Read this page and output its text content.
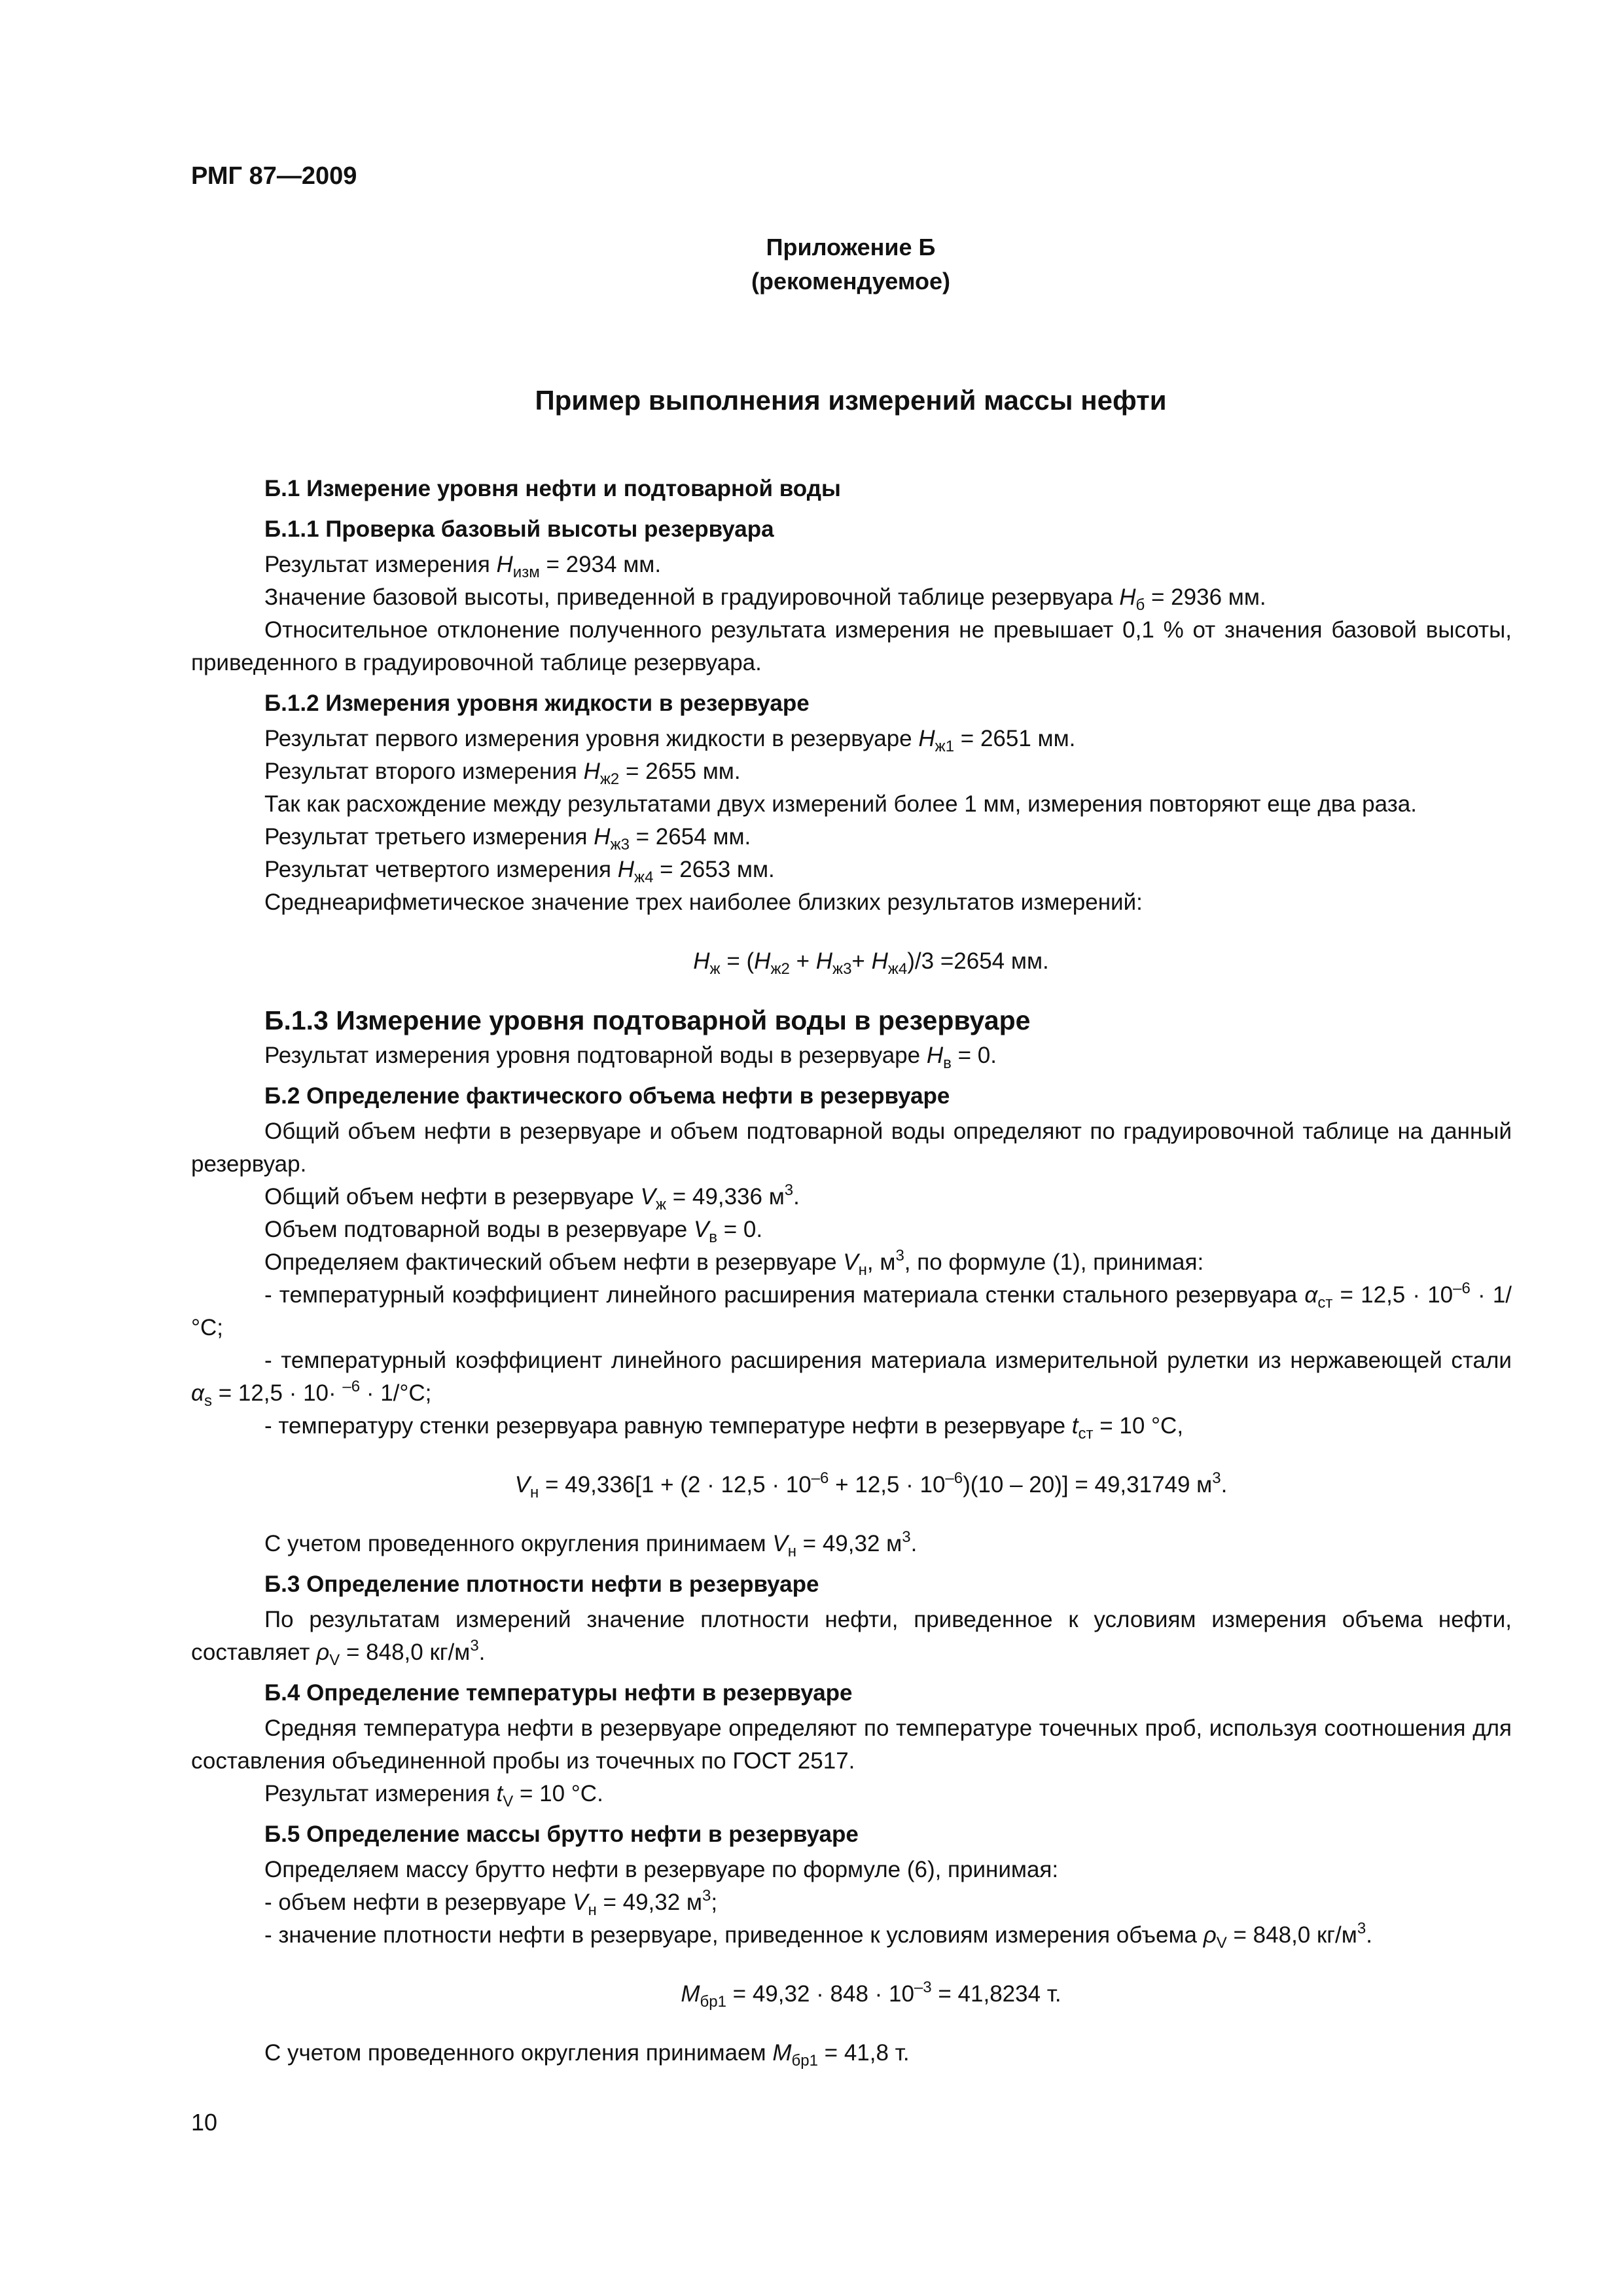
РМГ 87—2009
Приложение Б
(рекомендуемое)
Пример выполнения измерений массы нефти

Б.1 Измерение уровня нефти и подтоварной воды

Б.1.1 Проверка базовый высоты резервуара

Результат измерения $H_{изм} = 2934$ мм.

Значение базовой высоты, приведенной в градуировочной таблице резервуара $H_б = 2936$ мм.

Относительное отклонение полученного результата измерения не превышает 0,1 % от значения базовой высоты, приведенного в градуировочной таблице резервуара.

Б.1.2 Измерения уровня жидкости в резервуаре

Результат первого измерения уровня жидкости в резервуаре $H_{ж1} = 2651$ мм.

Результат второго измерения $H_{ж2} = 2655$ мм.

Так как расхождение между результатами двух измерений более 1 мм, измерения повторяют еще два раза.

Результат третьего измерения $H_{ж3} = 2654$ мм.

Результат четвертого измерения $H_{ж4} = 2653$ мм.

Среднеарифметическое значение трех наиболее близких результатов измерений:

$H_ж = (H_{ж2} + H_{ж3}+ H_{ж4})/3 =2654$ мм.

Б.1.3 Измерение уровня подтоварной воды в резервуаре

Результат измерения уровня подтоварной воды в резервуаре $H_в = 0$.

Б.2 Определение фактического объема нефти в резервуаре

Общий объем нефти в резервуаре и объем подтоварной воды определяют по градуировочной таблице на данный резервуар.

Общий объем нефти в резервуаре $V_ж = 49,336$ $м^3$.

Объем подтоварной воды в резервуаре $V_в = 0$.

Определяем фактический объем нефти в резервуаре $V_н$, $м^3$, по формуле (1), принимая:

- температурный коэффициент линейного расширения материала стенки стального резервуара $\alpha_{ст} = 12,5 \cdot 10^{-6} \cdot 1/^\circ С$;

- температурный коэффициент линейного расширения материала измерительной рулетки из нержавеющей стали $\alpha_s = 12,5 \cdot 10\cdot ^{-6} \cdot 1/^\circ С$;

- температуру стенки резервуара равную температуре нефти в резервуаре $t_{ст} = 10$ °С,

$V_н = 49,336[1 + (2 \cdot 12,5 \cdot 10^{-6} + 12,5 \cdot 10^{-6})(10 - 20)] = 49,31749$ $м^3$.

С учетом проведенного округления принимаем $V_н = 49,32$ $м^3$.

Б.3 Определение плотности нефти в резервуаре

По результатам измерений значение плотности нефти, приведенное к условиям измерения объема нефти, составляет $\rho_V = 848,0$ $кг/м^3$.

Б.4 Определение температуры нефти в резервуаре

Средняя температура нефти в резервуаре определяют по температуре точечных проб, используя соотношения для составления объединенной пробы из точечных по ГОСТ 2517.

Результат измерения $t_V = 10$ °С.

Б.5 Определение массы брутто нефти в резервуаре

Определяем массу брутто нефти в резервуаре по формуле (6), принимая:

- объем нефти в резервуаре $V_н = 49,32$ $м^3$;

- значение плотности нефти в резервуаре, приведенное к условиям измерения объема $\rho_V = 848,0$ $кг/м^3$.

$M_{бр1} = 49,32 \cdot 848 \cdot 10^{-3} = 41,8234$ т.

С учетом проведенного округления принимаем $M_{бр1} = 41,8$ т.

10
